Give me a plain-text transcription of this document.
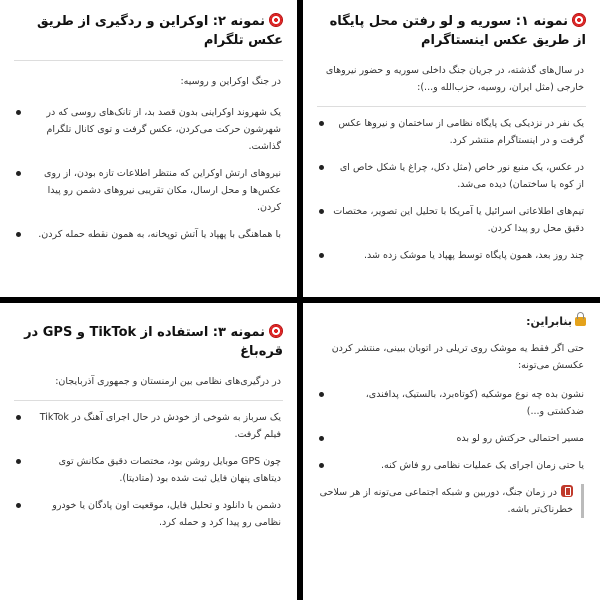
نمونه ۱: سوریه و لو رفتن محل پایگاه از طریق عکس اینستاگرام
در سال‌های گذشته، در جریان جنگ داخلی سوریه و حضور نیروهای خارجی (مثل ایران، روسیه، حزب‌الله و...):
یک نفر در نزدیکی یک پایگاه نظامی از ساختمان و نیروها عکس گرفت و در اینستاگرام منتشر کرد.
در عکس، یک منبع نور خاص (مثل دکل، چراغ یا شکل خاص ای از کوه یا ساختمان) دیده می‌شد.
تیم‌های اطلاعاتی اسرائیل یا آمریکا با تحلیل این تصویر، مختصات دقیق محل رو پیدا کردن.
چند روز بعد، همون پایگاه توسط پهپاد یا موشک زده شد.
نمونه ۲: اوکراین و ردگیری از طریق عکس تلگرام
در جنگ اوکراین و روسیه:
یک شهروند اوکراینی بدون قصد بد، از تانک‌های روسی که در شهرشون حرکت می‌کردن، عکس گرفت و توی کانال تلگرام گذاشت.
نیروهای ارتش اوکراین که منتظر اطلاعات تازه بودن، از روی عکس‌ها و محل ارسال، مکان تقریبی نیروهای دشمن رو پیدا کردن.
با هماهنگی با پهپاد یا آتش توپخانه، به همون نقطه حمله کردن.
نمونه ۳: استفاده از TikTok و GPS در قره‌باغ
در درگیری‌های نظامی بین ارمنستان و جمهوری آذربایجان:
یک سرباز به شوخی از خودش در حال اجرای آهنگ در TikTok فیلم گرفت.
چون GPS موبایل روشن بود، مختصات دقیق مکانش توی دیتاهای پنهان فایل ثبت شده بود (متادیتا).
دشمن با دانلود و تحلیل فایل، موقعیت اون پادگان یا خودرو نظامی رو پیدا کرد و حمله کرد.
بنابراین:
حتی اگر فقط یه موشک روی تریلی در اتوبان ببینی، منتشر کردن عکسش می‌تونه:
نشون بده چه نوع موشکیه (کوتاه‌برد، بالستیک، پدافندی، ضدکشتی و...)
مسیر احتمالی حرکتش رو لو بده
یا حتی زمان اجرای یک عملیات نظامی رو فاش کنه.
در زمان جنگ، دوربین و شبکه اجتماعی می‌تونه از هر سلاحی خطرناک‌تر باشه.
